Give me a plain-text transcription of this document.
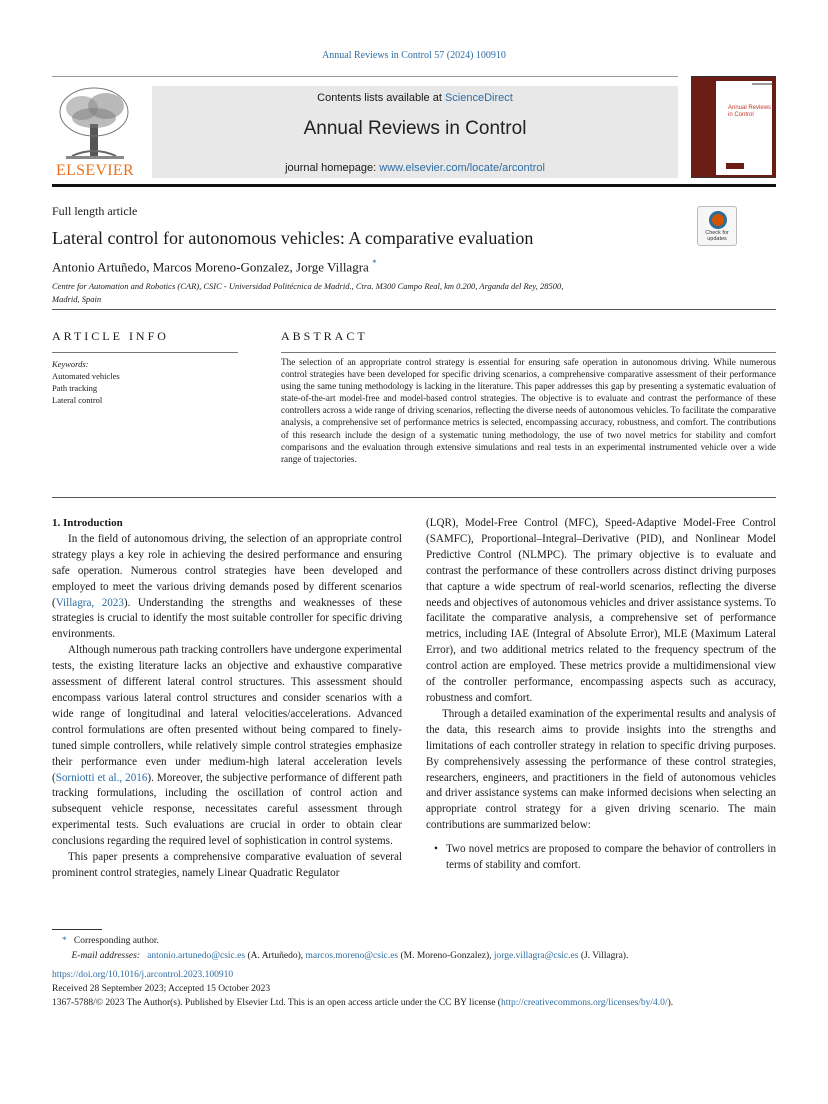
Annual Reviews in Control 57 (2024) 100910
ELSEVIER
Contents lists available at ScienceDirect
Annual Reviews in Control
journal homepage: www.elsevier.com/locate/arcontrol
Annual Reviews in Control
Full length article
Lateral control for autonomous vehicles: A comparative evaluation
Antonio Artuñedo, Marcos Moreno-Gonzalez, Jorge Villagra *
Centre for Automation and Robotics (CAR), CSIC - Universidad Politécnica de Madrid., Ctra. M300 Campo Real, km 0.200, Arganda del Rey, 28500, Madrid, Spain
Check for updates
ARTICLE INFO	ABSTRACT
Keywords:
Automated vehicles
Path tracking
Lateral control
The selection of an appropriate control strategy is essential for ensuring safe operation in autonomous driving. While numerous control strategies have been developed for specific driving scenarios, a comprehensive comparative assessment of their performance using the same tuning methodology is lacking in the literature. This paper addresses this gap by presenting a systematic evaluation of state-of-the-art model-free and model-based control strategies. The objective is to evaluate and contrast the performance of these controllers across a wide range of driving scenarios, reflecting the diverse needs of autonomous vehicles. To facilitate the comparative analysis, a comprehensive set of performance metrics is selected, encompassing accuracy, robustness, and comfort. The contributions of this research include the design of a systematic tuning methodology, the use of two novel metrics for stability and comfort comparisons and the evaluation through extensive simulations and real tests in an experimental instrumented vehicle over a wide range of trajectories.

1. Introduction

In the field of autonomous driving, the selection of an appropriate control strategy plays a key role in achieving the desired performance and ensuring safe operation. Numerous control strategies have been developed and employed to meet the various driving demands posed by different scenarios (Villagra, 2023). Understanding the strengths and weaknesses of these strategies is crucial to identify the most suitable controller for specific driving environments.

Although numerous path tracking controllers have undergone experimental tests, the existing literature lacks an objective and exhaustive comparative assessment of different lateral control structures. This assessment should encompass various lateral control structures and consider scenarios with a wide range of longitudinal and lateral velocities/accelerations. Advanced control formulations are often presented without being compared to finely-tuned simple controllers, while relatively simple control strategies emphasize their performance even under medium-high lateral acceleration levels (Sorniotti et al., 2016). Moreover, the subjective performance of different path tracking formulations, including the oscillation of control action and subsequent vehicle response, necessitates careful assessment through experimental tests. Such evaluations are crucial in order to obtain clear conclusions regarding the required level of sophistication in control systems.

This paper presents a comprehensive comparative evaluation of several prominent control strategies, namely Linear Quadratic Regulator

(LQR), Model-Free Control (MFC), Speed-Adaptive Model-Free Control (SAMFC), Proportional–Integral–Derivative (PID), and Nonlinear Model Predictive Control (NLMPC). The primary objective is to evaluate and contrast the performance of these controllers across distinct driving purposes that capture a wide spectrum of real-world scenarios, reflecting the diverse needs and objectives of autonomous vehicles and driver assistance systems. To facilitate the comparative analysis, a comprehensive set of performance metrics, including IAE (Integral of Absolute Error), MLE (Maximum Lateral Error), and two additional metrics related to the frequency spectrum of the control action are employed. These metrics provide a multidimensional view of the controller performance, encompassing aspects such as accuracy, robustness and comfort.

Through a detailed examination of the experimental results and analysis of the data, this research aims to provide insights into the strengths and limitations of each controller strategy in relation to specific driving purposes. By comprehensively assessing the performance of these control strategies, researchers, engineers, and practitioners in the field of autonomous vehicles and driver assistance systems can make informed decisions when selecting an appropriate control strategy for a given driving scenario. The main contributions are summarized below:

• Two novel metrics are proposed to compare the behavior of controllers in terms of stability and comfort.
* Corresponding author.
E-mail addresses: antonio.artunedo@csic.es (A. Artuñedo), marcos.moreno@csic.es (M. Moreno-Gonzalez), jorge.villagra@csic.es (J. Villagra).
https://doi.org/10.1016/j.arcontrol.2023.100910
Received 28 September 2023; Accepted 15 October 2023
1367-5788/© 2023 The Author(s). Published by Elsevier Ltd. This is an open access article under the CC BY license (http://creativecommons.org/licenses/by/4.0/).
